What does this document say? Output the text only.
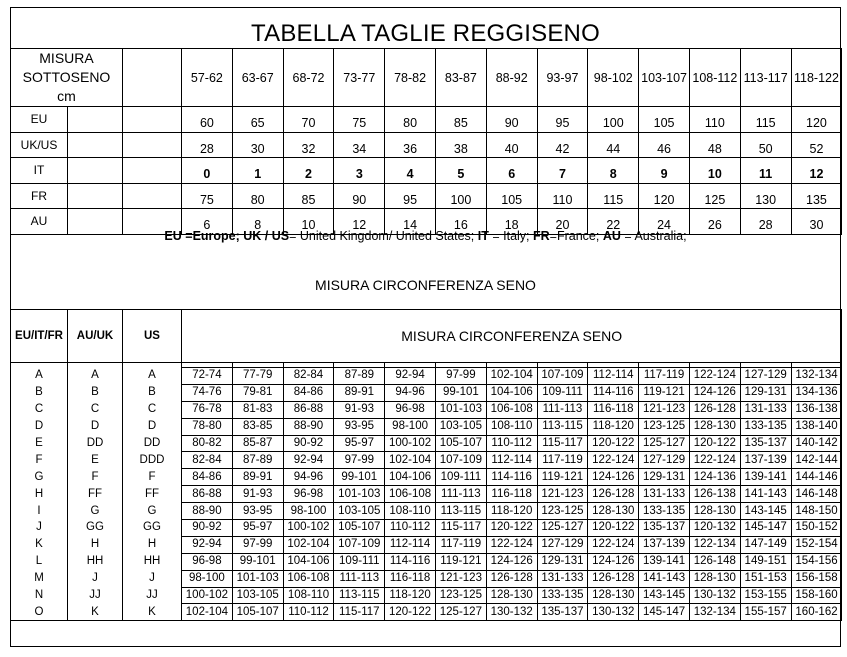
TABELLA TAGLIE REGGISENO
MISURA SOTTOSENO
cm			57-62	63-67	68-72	73-77	78-82	83-87	88-92	93-97	98-102	103-107	108-112	113-117	118-122
EU			60	65	70	75	80	85	90	95	100	105	110	115	120
UK/US			28	30	32	34	36	38	40	42	44	46	48	50	52
IT			0	1	2	3	4	5	6	7	8	9	10	11	12
FR			75	80	85	90	95	100	105	110	115	120	125	130	135
AU			6	8	10	12	14	16	18	20	22	24	26	28	30
EU =Europe; UK / US= United Kingdom/ United States; IT = Italy; FR=France; AU = Australia;
MISURA CIRCONFERENZA SENO
EU/IT/FR	AU/UK	US	MISURA CIRCONFERENZA SENO												

A	A	A	72-74	77-79	82-84	87-89	92-94	97-99	102-104	107-109	112-114	117-119	122-124	127-129	132-134
B	B	B	74-76	79-81	84-86	89-91	94-96	99-101	104-106	109-111	114-116	119-121	124-126	129-131	134-136
C	C	C	76-78	81-83	86-88	91-93	96-98	101-103	106-108	111-113	116-118	121-123	126-128	131-133	136-138
D	D	D	78-80	83-85	88-90	93-95	98-100	103-105	108-110	113-115	118-120	123-125	128-130	133-135	138-140
E	DD	DD	80-82	85-87	90-92	95-97	100-102	105-107	110-112	115-117	120-122	125-127	120-122	135-137	140-142
F	E	DDD	82-84	87-89	92-94	97-99	102-104	107-109	112-114	117-119	122-124	127-129	122-124	137-139	142-144
G	F	F	84-86	89-91	94-96	99-101	104-106	109-111	114-116	119-121	124-126	129-131	124-136	139-141	144-146
H	FF	FF	86-88	91-93	96-98	101-103	106-108	111-113	116-118	121-123	126-128	131-133	126-138	141-143	146-148
I	G	G	88-90	93-95	98-100	103-105	108-110	113-115	118-120	123-125	128-130	133-135	128-130	143-145	148-150
J	GG	GG	90-92	95-97	100-102	105-107	110-112	115-117	120-122	125-127	120-122	135-137	120-132	145-147	150-152
K	H	H	92-94	97-99	102-104	107-109	112-114	117-119	122-124	127-129	122-124	137-139	122-134	147-149	152-154
L	HH	HH	96-98	99-101	104-106	109-111	114-116	119-121	124-126	129-131	124-126	139-141	126-148	149-151	154-156
M	J	J	98-100	101-103	106-108	111-113	116-118	121-123	126-128	131-133	126-128	141-143	128-130	151-153	156-158
N	JJ	JJ	100-102	103-105	108-110	113-115	118-120	123-125	128-130	133-135	128-130	143-145	130-132	153-155	158-160
O	K	K	102-104	105-107	110-112	115-117	120-122	125-127	130-132	135-137	130-132	145-147	132-134	155-157	160-162
